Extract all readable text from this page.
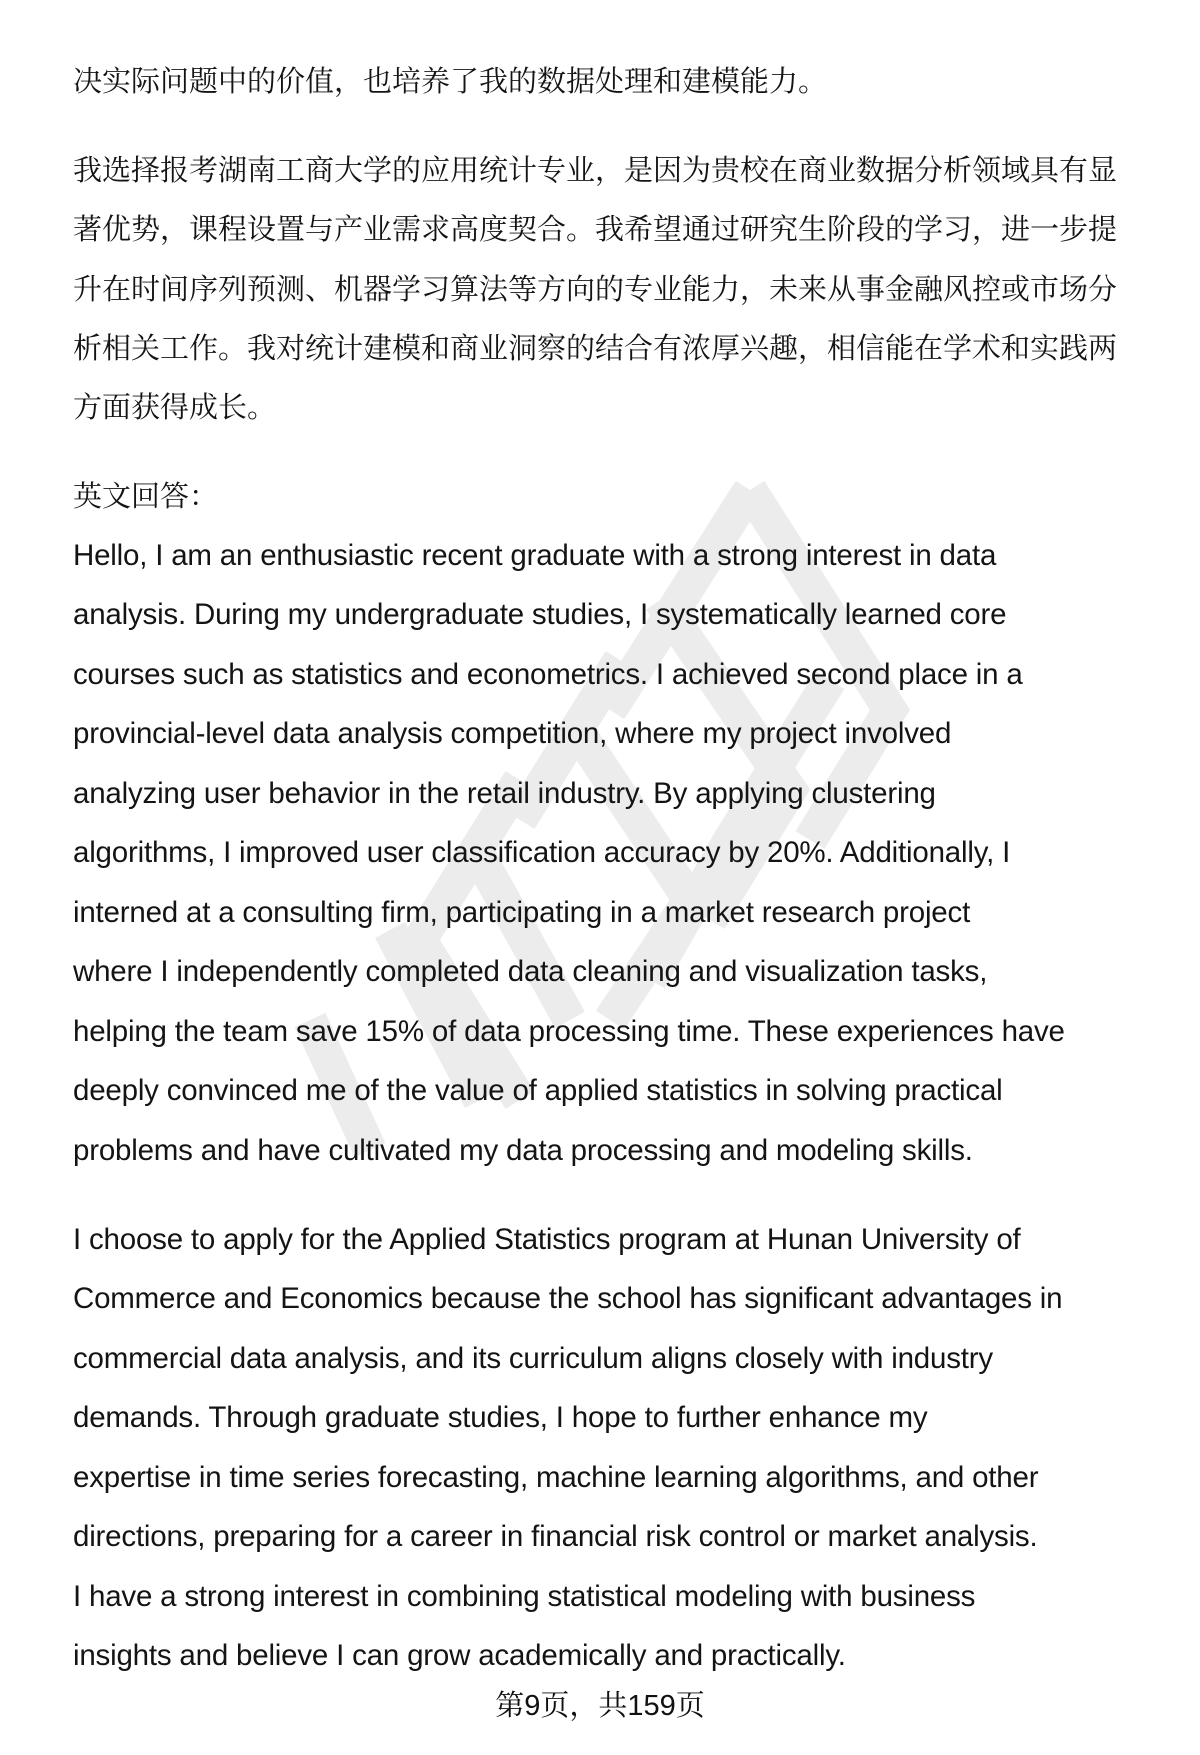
决实际问题中的价值，也培养了我的数据处理和建模能力。
我选择报考湖南工商大学的应用统计专业，是因为贵校在商业数据分析领域具有显
著优势，课程设置与产业需求高度契合。我希望通过研究生阶段的学习，进一步提
升在时间序列预测、机器学习算法等方向的专业能力，未来从事金融风控或市场分
析相关工作。我对统计建模和商业洞察的结合有浓厚兴趣，相信能在学术和实践两
方面获得成长。
英文回答：
Hello, I am an enthusiastic recent graduate with a strong interest in data
analysis. During my undergraduate studies, I systematically learned core
courses such as statistics and econometrics. I achieved second place in a
provincial-level data analysis competition, where my project involved
analyzing user behavior in the retail industry. By applying clustering
algorithms, I improved user classification accuracy by 20%. Additionally, I
interned at a consulting firm, participating in a market research project
where I independently completed data cleaning and visualization tasks,
helping the team save 15% of data processing time. These experiences have
deeply convinced me of the value of applied statistics in solving practical
problems and have cultivated my data processing and modeling skills.
I choose to apply for the Applied Statistics program at Hunan University of
Commerce and Economics because the school has significant advantages in
commercial data analysis, and its curriculum aligns closely with industry
demands. Through graduate studies, I hope to further enhance my
expertise in time series forecasting, machine learning algorithms, and other
directions, preparing for a career in financial risk control or market analysis.
I have a strong interest in combining statistical modeling with business
insights and believe I can grow academically and practically.
第9页，共159页
